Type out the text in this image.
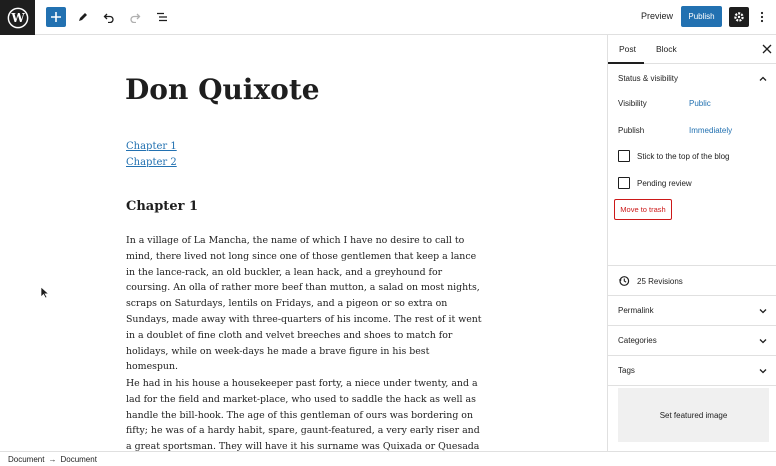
W	Preview	Publish
Don Quixote
Chapter 1
Chapter 2
Chapter 1

In a village of La Mancha, the name of which I have no desire to call to mind, there lived not long since one of those gentlemen that keep a lance in the lance-rack, an old buckler, a lean hack, and a greyhound for coursing. An olla of rather more beef than mutton, a salad on most nights, scraps on Saturdays, lentils on Fridays, and a pigeon or so extra on Sundays, made away with three-quarters of his income. The rest of it went in a doublet of fine cloth and velvet breeches and shoes to match for holidays, while on week-days he made a brave figure in his best homespun.

He had in his house a housekeeper past forty, a niece under twenty, and a lad for the field and market-place, who used to saddle the hack as well as handle the bill-hook. The age of this gentleman of ours was bordering on fifty; he was of a hardy habit, spare, gaunt-featured, a very early riser and a great sportsman. They will have it his surname was Quixada or Quesada

Document → Document
Post Block
Status & visibility
Visibility	Public
Publish	Immediately
Stick to the top of the blog
Pending review
Move to trash
25 Revisions
Permalink
Categories
Tags
Set featured image
